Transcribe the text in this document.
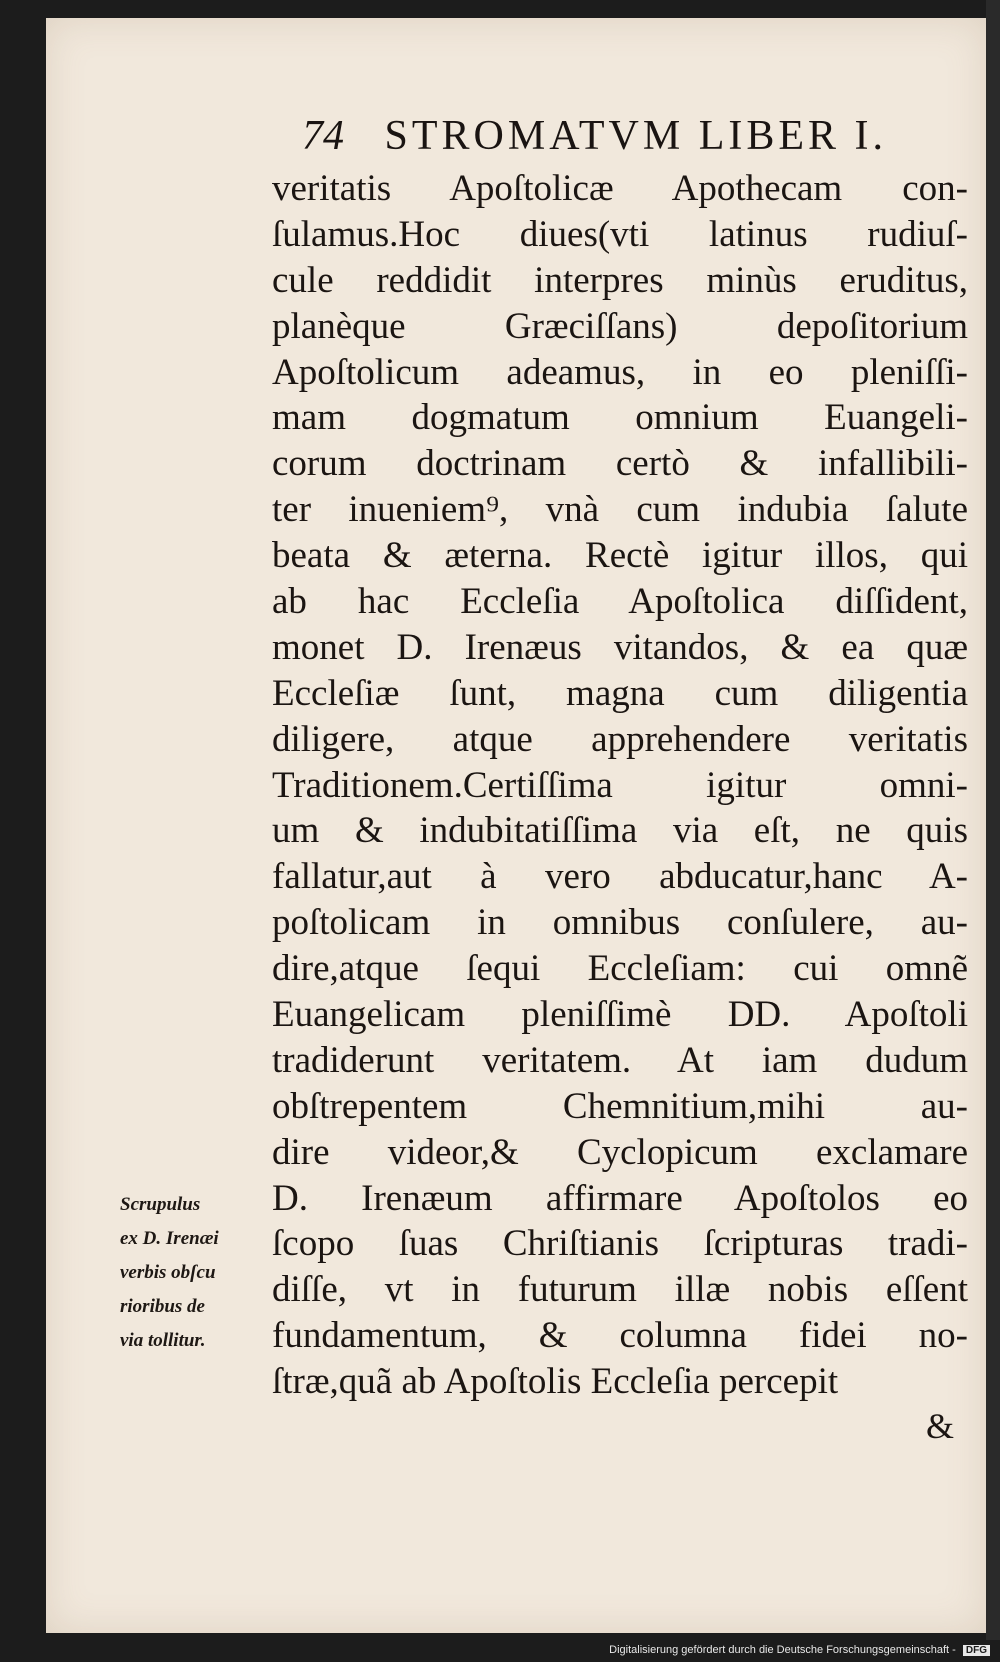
74 STROMATVM LIBER I.
veritatis Apoſtolicæ Apothecam con-
ſulamus.Hoc diues(vti latinus rudiuſ-
cule reddidit interpres minùs eruditus,
planèque Græciſſans) depoſitorium
Apoſtolicum adeamus, in eo pleniſſi-
mam dogmatum omnium Euangeli-
corum doctrinam certò & infallibili-
ter inueniem⁹, vnà cum indubia ſalute
beata & æterna. Rectè igitur illos, qui
ab hac Eccleſia Apoſtolica diſſident,
monet D. Irenæus vitandos, & ea quæ
Eccleſiæ ſunt, magna cum diligentia
diligere, atque apprehendere veritatis
Traditionem.Certiſſima igitur omni-
um & indubitatiſſima via eſt, ne quis
fallatur,aut à vero abducatur,hanc A-
poſtolicam in omnibus conſulere, au-
dire,atque ſequi Eccleſiam: cui omnẽ
Euangelicam pleniſſimè DD. Apoſtoli
tradiderunt veritatem. At iam dudum
obſtrepentem Chemnitium,mihi au-
dire videor,& Cyclopicum exclamare
D. Irenæum affirmare Apoſtolos eo
ſcopo ſuas Chriſtianis ſcripturas tradi-
diſſe, vt in futurum illæ nobis eſſent
fundamentum, & columna fidei no-
ſtræ,quã ab Apoſtolis Eccleſia percepit
&
Scrupulus
ex D. Irenæi
verbis obſcu
rioribus de
via tollitur.
Digitalisierung gefördert durch die Deutsche Forschungsgemeinschaft - DFG
